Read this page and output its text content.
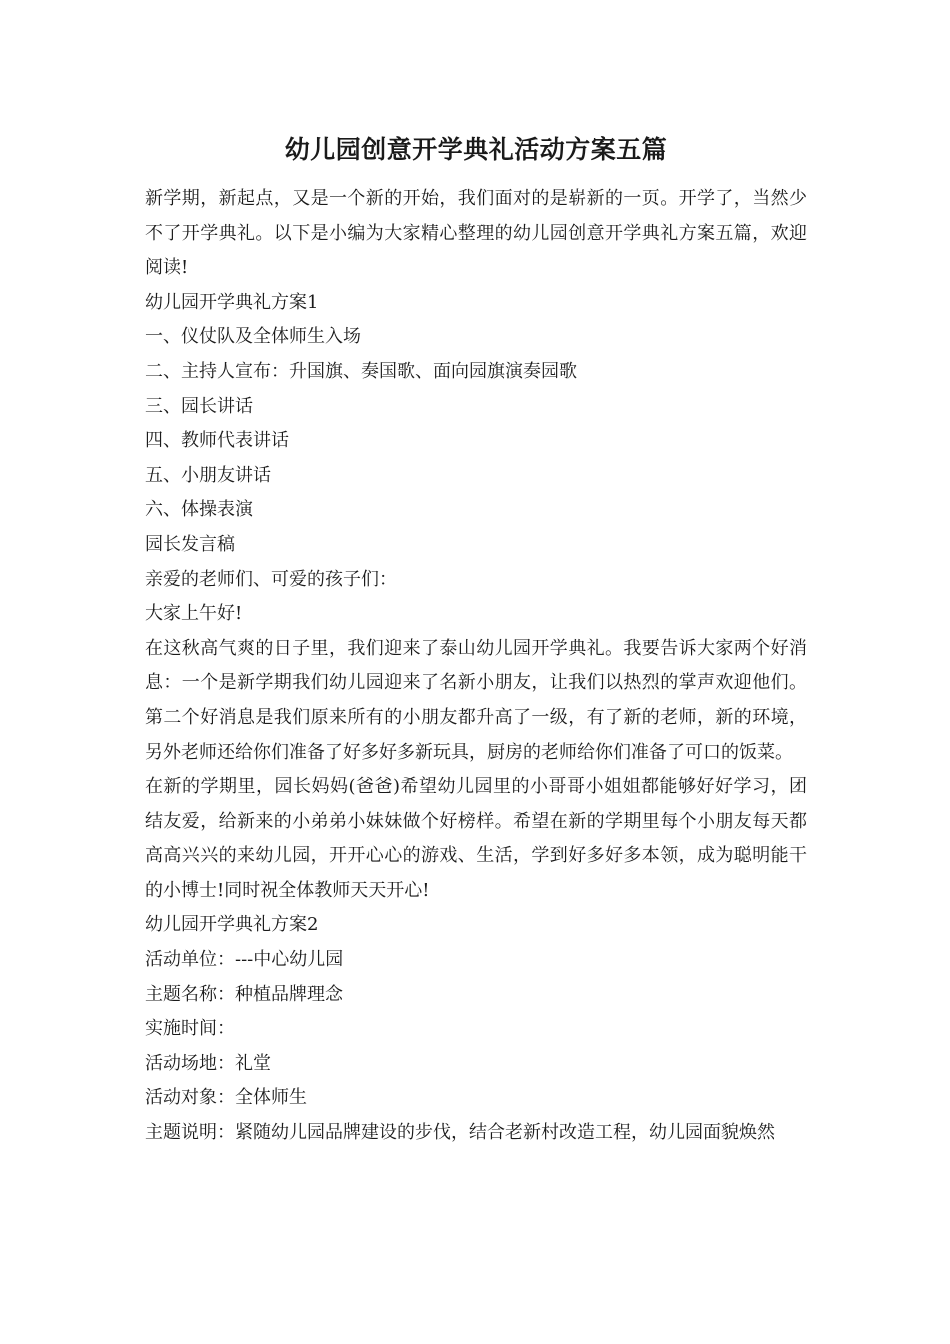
幼儿园创意开学典礼活动方案五篇

新学期，新起点，又是一个新的开始，我们面对的是崭新的一页。开学了，当然少不了开学典礼。以下是小编为大家精心整理的幼儿园创意开学典礼方案五篇，欢迎阅读!

幼儿园开学典礼方案1

一、仪仗队及全体师生入场

二、主持人宣布：升国旗、奏国歌、面向园旗演奏园歌

三、园长讲话

四、教师代表讲话

五、小朋友讲话

六、体操表演

园长发言稿

亲爱的老师们、可爱的孩子们：

大家上午好!

在这秋高气爽的日子里，我们迎来了泰山幼儿园开学典礼。我要告诉大家两个好消息：一个是新学期我们幼儿园迎来了名新小朋友，让我们以热烈的掌声欢迎他们。第二个好消息是我们原来所有的小朋友都升高了一级，有了新的老师，新的环境，另外老师还给你们准备了好多好多新玩具，厨房的老师给你们准备了可口的饭菜。

在新的学期里，园长妈妈(爸爸)希望幼儿园里的小哥哥小姐姐都能够好好学习，团结友爱，给新来的小弟弟小妹妹做个好榜样。希望在新的学期里每个小朋友每天都高高兴兴的来幼儿园，开开心心的游戏、生活，学到好多好多本领，成为聪明能干的小博士!同时祝全体教师天天开心!

幼儿园开学典礼方案2

活动单位：---中心幼儿园

主题名称：种植品牌理念

实施时间：

活动场地：礼堂

活动对象：全体师生

主题说明：紧随幼儿园品牌建设的步伐，结合老新村改造工程，幼儿园面貌焕然
